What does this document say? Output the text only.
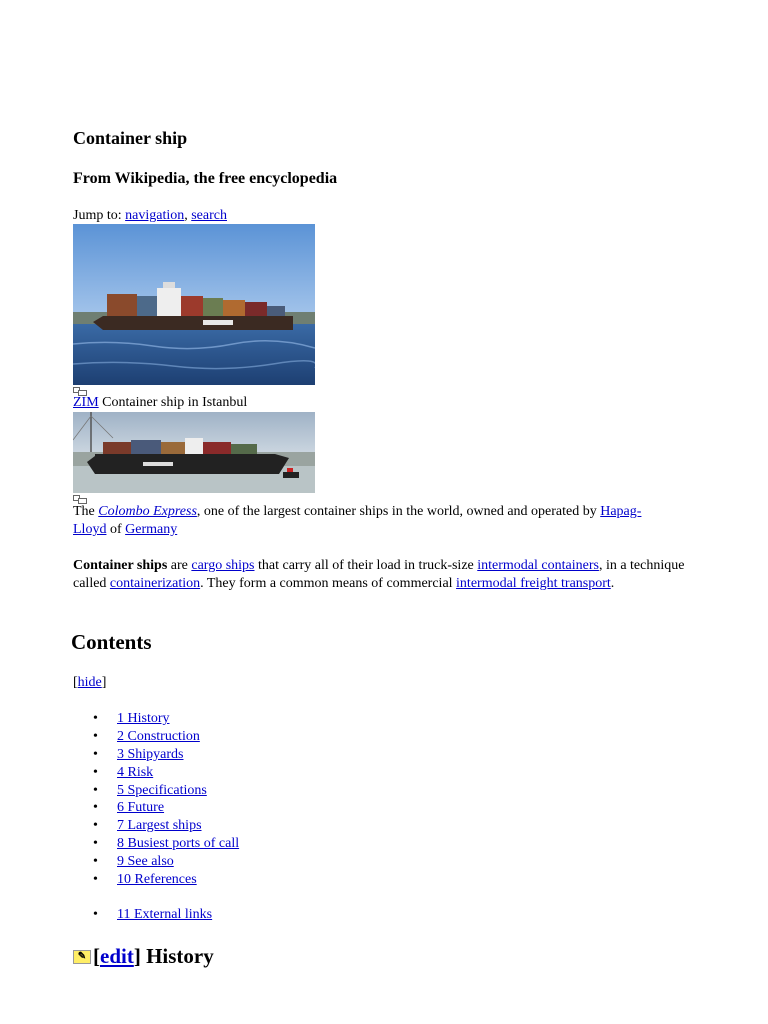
Container ship
From Wikipedia, the free encyclopedia
Jump to: navigation, search
ZIM Container ship in Istanbul
The Colombo Express, one of the largest container ships in the world, owned and operated by Hapag-Lloyd of Germany

Container ships are cargo ships that carry all of their load in truck-size intermodal containers, in a technique called containerization. They form a common means of commercial intermodal freight transport.

Contents
[hide]
• 1 History
• 2 Construction
• 3 Shipyards
• 4 Risk
• 5 Specifications
• 6 Future
• 7 Largest ships
• 8 Busiest ports of call
• 9 See also
• 10 References
• 11 External links
✎ [ edit ] History
